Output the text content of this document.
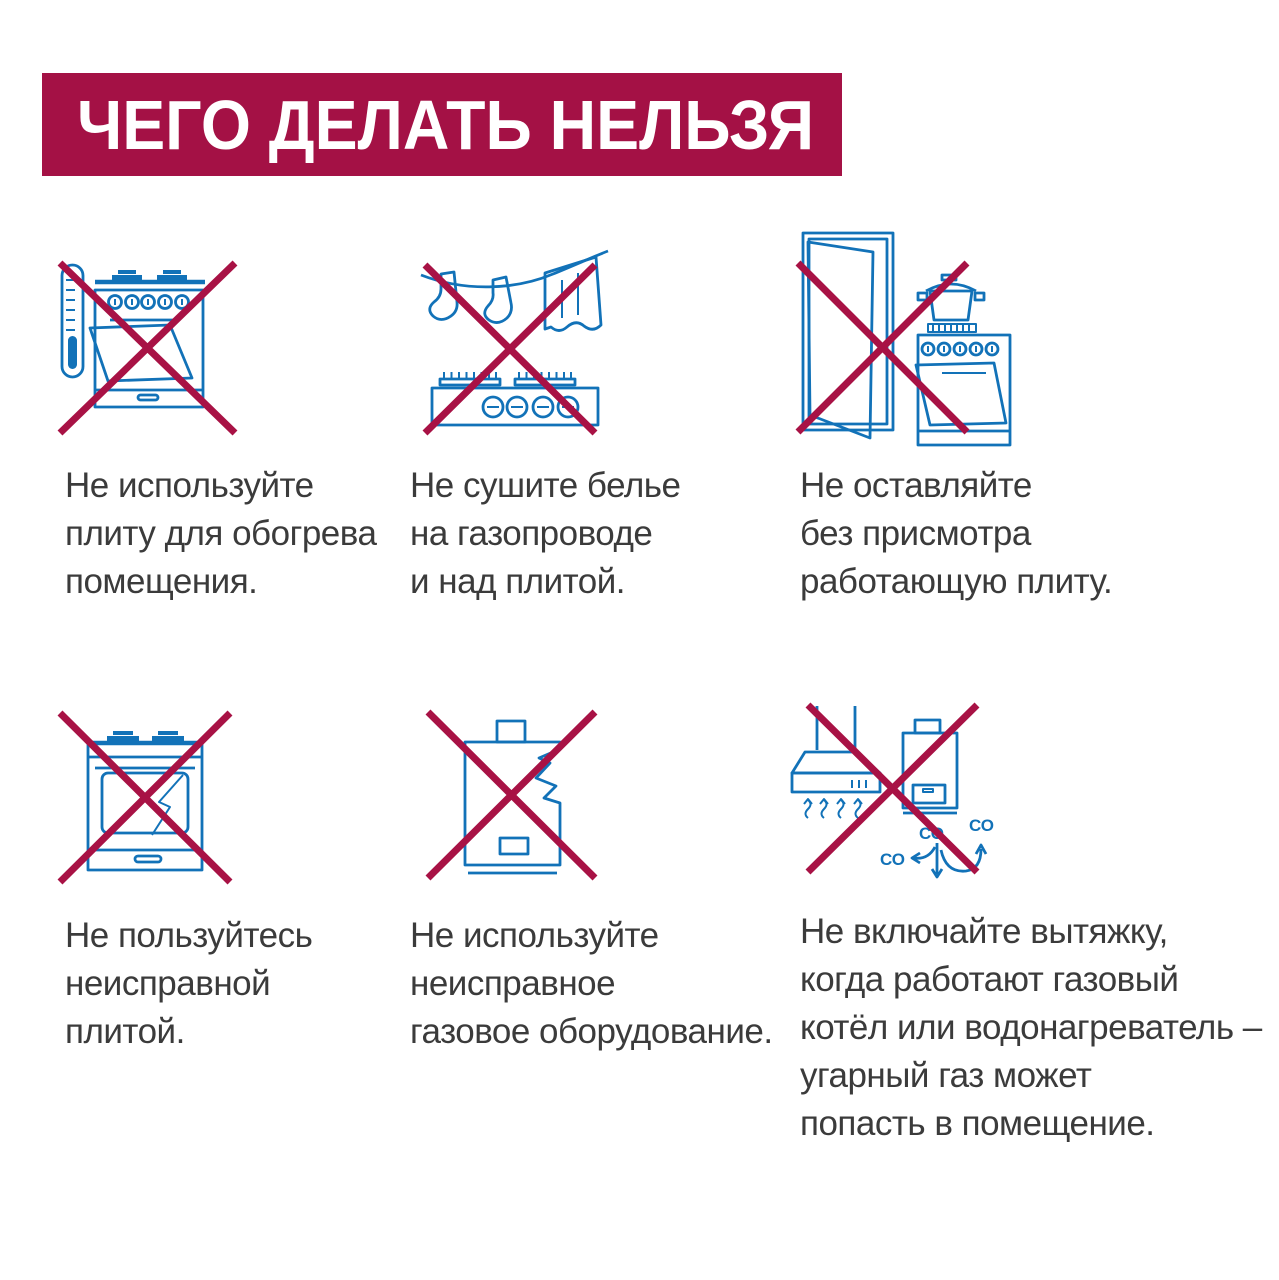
ЧЕГО ДЕЛАТЬ НЕЛЬЗЯ
CO CO
CO
Не используйте
плиту для обогрева
помещения.
Не сушите белье
на газопроводе
и над плитой.
Не оставляйте
без присмотра
работающую плиту.
Не пользуйтесь
неисправной
плитой.
Не используйте
неисправное
газовое оборудование.
Не включайте вытяжку,
когда работают газовый
котёл или водонагреватель –
угарный газ может
попасть в помещение.
